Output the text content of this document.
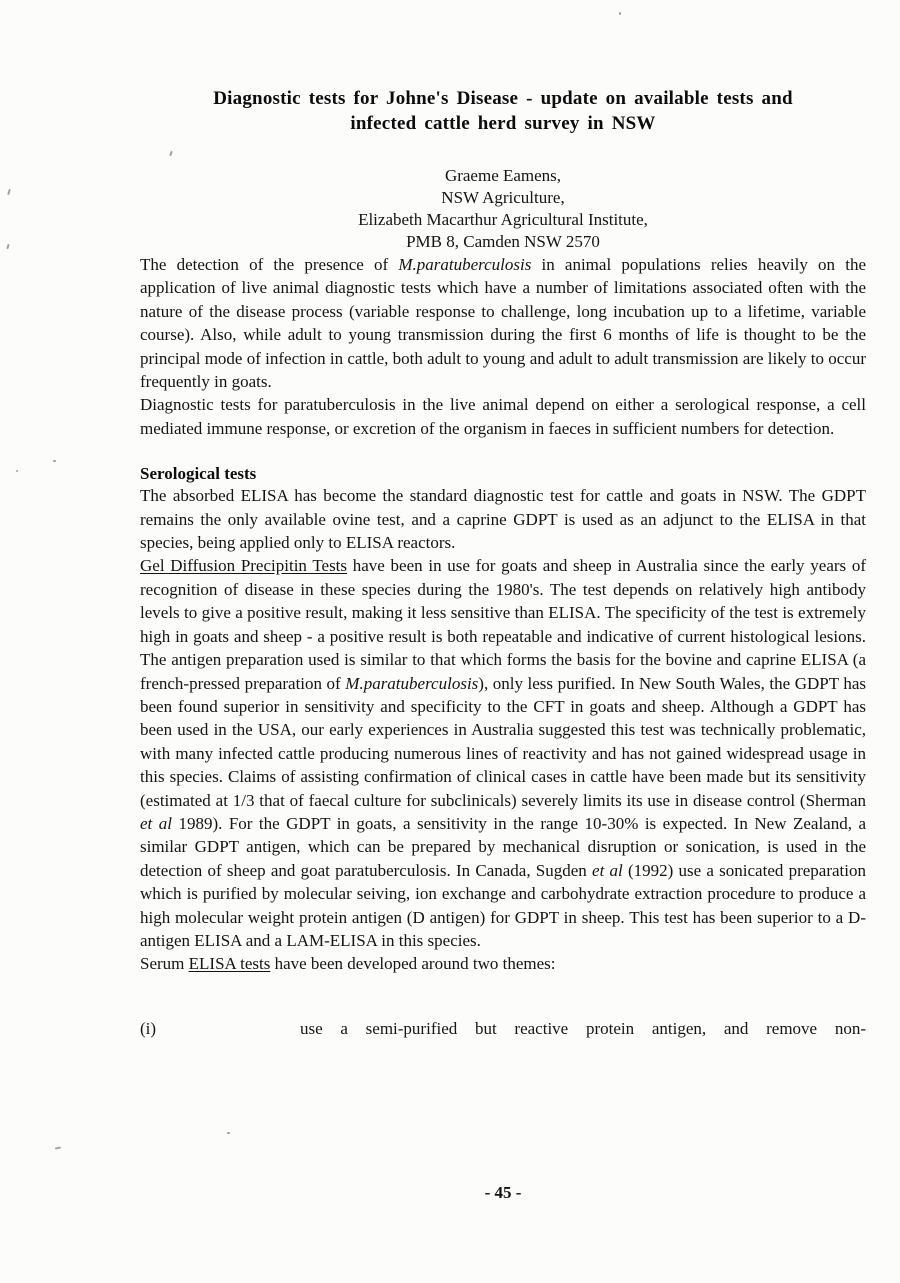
Diagnostic tests for Johne's Disease - update on available tests and
infected cattle herd survey in NSW
Graeme Eamens,
NSW Agriculture,
Elizabeth Macarthur Agricultural Institute,
PMB 8, Camden NSW 2570

The detection of the presence of M.paratuberculosis in animal populations relies heavily on the application of live animal diagnostic tests which have a number of limitations associated often with the nature of the disease process (variable response to challenge, long incubation up to a lifetime, variable course). Also, while adult to young transmission during the first 6 months of life is thought to be the principal mode of infection in cattle, both adult to young and adult to adult transmission are likely to occur frequently in goats.

Diagnostic tests for paratuberculosis in the live animal depend on either a serological response, a cell mediated immune response, or excretion of the organism in faeces in sufficient numbers for detection.

Serological tests

The absorbed ELISA has become the standard diagnostic test for cattle and goats in NSW. The GDPT remains the only available ovine test, and a caprine GDPT is used as an adjunct to the ELISA in that species, being applied only to ELISA reactors.

Gel Diffusion Precipitin Tests have been in use for goats and sheep in Australia since the early years of recognition of disease in these species during the 1980's. The test depends on relatively high antibody levels to give a positive result, making it less sensitive than ELISA. The specificity of the test is extremely high in goats and sheep - a positive result is both repeatable and indicative of current histological lesions. The antigen preparation used is similar to that which forms the basis for the bovine and caprine ELISA (a french-pressed preparation of M.paratuberculosis), only less purified. In New South Wales, the GDPT has been found superior in sensitivity and specificity to the CFT in goats and sheep. Although a GDPT has been used in the USA, our early experiences in Australia suggested this test was technically problematic, with many infected cattle producing numerous lines of reactivity and has not gained widespread usage in this species. Claims of assisting confirmation of clinical cases in cattle have been made but its sensitivity (estimated at 1/3 that of faecal culture for subclinicals) severely limits its use in disease control (Sherman et al 1989). For the GDPT in goats, a sensitivity in the range 10-30% is expected. In New Zealand, a similar GDPT antigen, which can be prepared by mechanical disruption or sonication, is used in the detection of sheep and goat paratuberculosis. In Canada, Sugden et al (1992) use a sonicated preparation which is purified by molecular seiving, ion exchange and carbohydrate extraction procedure to produce a high molecular weight protein antigen (D antigen) for GDPT in sheep. This test has been superior to a D-antigen ELISA and a LAM-ELISA in this species.

Serum ELISA tests have been developed around two themes:

(i)	use a semi-purified but reactive protein antigen, and remove non-
- 45 -
